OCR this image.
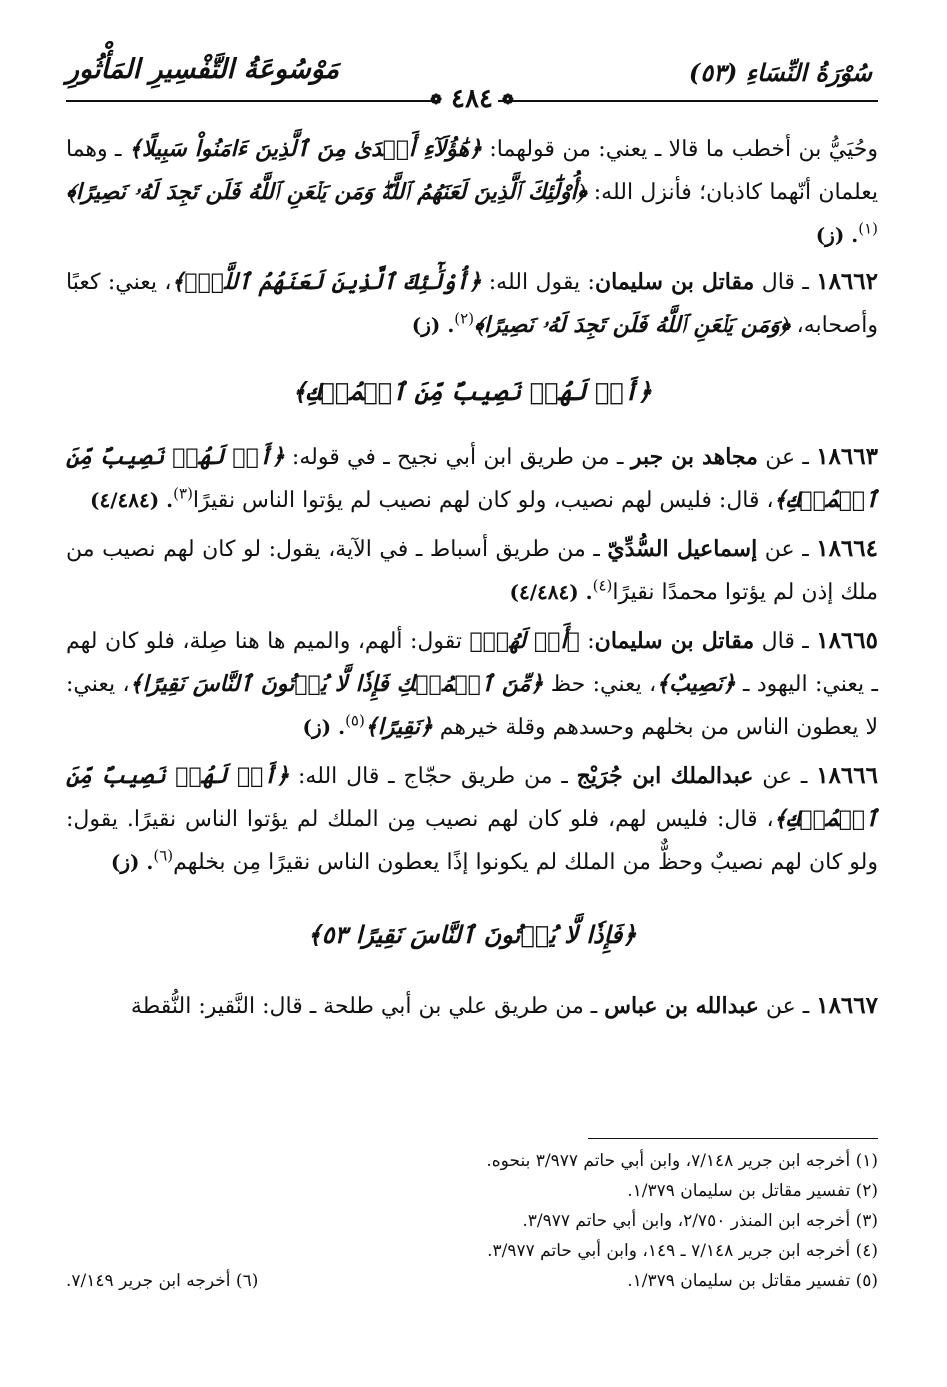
سُوْرَةُ النِّسَاءِ (٥٣)
مَوْسُوعَةُ التَّفْسِيرِ المَأْثُورِ
❁ ٤٨٤ ❁

وحُيَيُّ بن أخطب ما قالا ـ يعني: من قولهما: ﴿هَٰؤُلَآءِ أَهۡدَىٰ مِنَ ٱلَّذِينَ ءَامَنُواْ سَبِيلًا﴾ ـ وهما يعلمان أنّهما كاذبان؛ فأنزل الله: ﴿أُوْلَٰٓئِكَ ٱلَّذِينَ لَعَنَهُمُ ٱللَّهُۖ وَمَن يَلۡعَنِ ٱللَّهُ فَلَن تَجِدَ لَهُۥ نَصِيرًا﴾$^{(١)}$. (ز)

١٨٦٦٢ ـ قال مقاتل بن سليمان: يقول الله: ﴿أُوْلَٰٓئِكَ ٱلَّذِينَ لَعَنَهُمُ ٱللَّهُۖ﴾، يعني: كعبًا وأصحابه، ﴿وَمَن يَلۡعَنِ ٱللَّهُ فَلَن تَجِدَ لَهُۥ نَصِيرًا﴾$^{(٢)}$. (ز)

﴿أَمۡ لَهُمۡ نَصِيبٌ مِّنَ ٱلۡمُلۡكِ﴾

١٨٦٦٣ ـ عن مجاهد بن جبر ـ من طريق ابن أبي نجيح ـ في قوله: ﴿أَمۡ لَهُمۡ نَصِيبٌ مِّنَ ٱلۡمُلۡكِ﴾، قال: فليس لهم نصيب، ولو كان لهم نصيب لم يؤتوا الناس نقيرًا$^{(٣)}$. (٤/٤٨٤)

١٨٦٦٤ ـ عن إسماعيل السُّدِّيّ ـ من طريق أسباط ـ في الآية، يقول: لو كان لهم نصيب من ملك إذن لم يؤتوا محمدًا نقيرًا$^{(٤)}$. (٤/٤٨٤)

١٨٦٦٥ ـ قال مقاتل بن سليمان: ﴿أَمۡ لَهُمۡ﴾ تقول: ألهم، والميم ها هنا صِلة، فلو كان لهم ـ يعني: اليهود ـ ﴿نَصِيبٌ﴾، يعني: حظ ﴿مِّنَ ٱلۡمُلۡكِ فَإِذٗا لَّا يُؤۡتُونَ ٱلنَّاسَ نَقِيرًا﴾، يعني: لا يعطون الناس من بخلهم وحسدهم وقلة خيرهم ﴿نَقِيرًا﴾$^{(٥)}$. (ز)

١٨٦٦٦ ـ عن عبدالملك ابن جُرَيْج ـ من طريق حجّاج ـ قال الله: ﴿أَمۡ لَهُمۡ نَصِيبٌ مِّنَ ٱلۡمُلۡكِ﴾، قال: فليس لهم، فلو كان لهم نصيب مِن الملك لم يؤتوا الناس نقيرًا. يقول: ولو كان لهم نصيبٌ وحظٌّ من الملك لم يكونوا إذًا يعطون الناس نقيرًا مِن بخلهم$^{(٦)}$. (ز)

﴿فَإِذٗا لَّا يُؤۡتُونَ ٱلنَّاسَ نَقِيرًا ٥٣﴾

١٨٦٦٧ ـ عن عبدالله بن عباس ـ من طريق علي بن أبي طلحة ـ قال: النَّقير: النُّقطة

(١) أخرجه ابن جرير ٧/١٤٨، وابن أبي حاتم ٣/٩٧٧ بنحوه.

(٢) تفسير مقاتل بن سليمان ١/٣٧٩.

(٣) أخرجه ابن المنذر ٢/٧٥٠، وابن أبي حاتم ٣/٩٧٧.

(٤) أخرجه ابن جرير ٧/١٤٨ ـ ١٤٩، وابن أبي حاتم ٣/٩٧٧.

(٥) تفسير مقاتل بن سليمان ١/٣٧٩.

(٦) أخرجه ابن جرير ٧/١٤٩.
